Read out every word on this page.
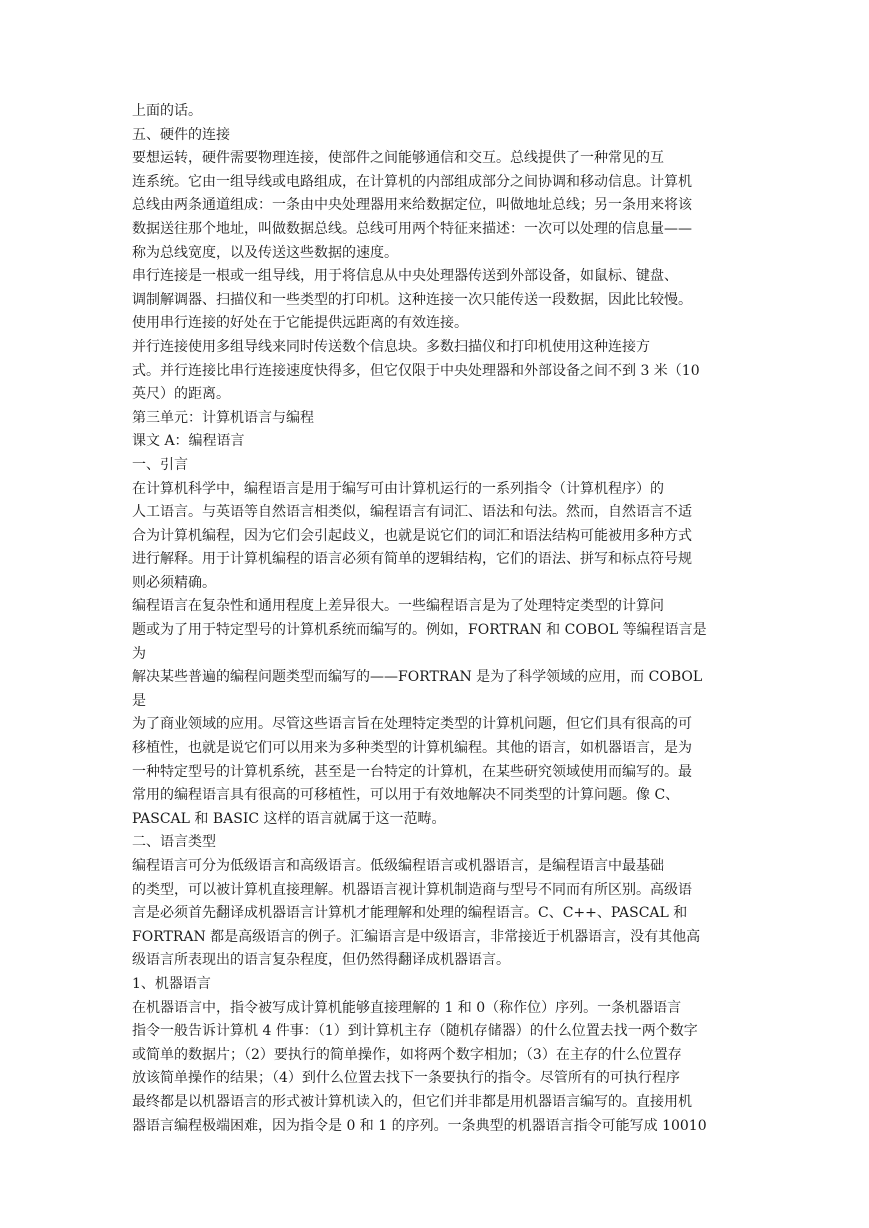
上面的话。
五、硬件的连接
要想运转，硬件需要物理连接，使部件之间能够通信和交互。总线提供了一种常见的互
连系统。它由一组导线或电路组成，在计算机的内部组成部分之间协调和移动信息。计算机
总线由两条通道组成：一条由中央处理器用来给数据定位，叫做地址总线；另一条用来将该
数据送往那个地址，叫做数据总线。总线可用两个特征来描述：一次可以处理的信息量——
称为总线宽度，以及传送这些数据的速度。
串行连接是一根或一组导线，用于将信息从中央处理器传送到外部设备，如鼠标、键盘、
调制解调器、扫描仪和一些类型的打印机。这种连接一次只能传送一段数据，因此比较慢。
使用串行连接的好处在于它能提供远距离的有效连接。
并行连接使用多组导线来同时传送数个信息块。多数扫描仪和打印机使用这种连接方
式。并行连接比串行连接速度快得多，但它仅限于中央处理器和外部设备之间不到 3 米（10
英尺）的距离。
第三单元：计算机语言与编程
课文 A：编程语言
一、引言
在计算机科学中，编程语言是用于编写可由计算机运行的一系列指令（计算机程序）的
人工语言。与英语等自然语言相类似，编程语言有词汇、语法和句法。然而，自然语言不适
合为计算机编程，因为它们会引起歧义，也就是说它们的词汇和语法结构可能被用多种方式
进行解释。用于计算机编程的语言必须有简单的逻辑结构，它们的语法、拼写和标点符号规
则必须精确。
编程语言在复杂性和通用程度上差异很大。一些编程语言是为了处理特定类型的计算问
题或为了用于特定型号的计算机系统而编写的。例如，FORTRAN 和 COBOL 等编程语言是
为
解决某些普遍的编程问题类型而编写的——FORTRAN 是为了科学领域的应用，而 COBOL
是
为了商业领域的应用。尽管这些语言旨在处理特定类型的计算机问题，但它们具有很高的可
移植性，也就是说它们可以用来为多种类型的计算机编程。其他的语言，如机器语言，是为
一种特定型号的计算机系统，甚至是一台特定的计算机，在某些研究领域使用而编写的。最
常用的编程语言具有很高的可移植性，可以用于有效地解决不同类型的计算问题。像 C、
PASCAL 和 BASIC 这样的语言就属于这一范畴。
二、语言类型
编程语言可分为低级语言和高级语言。低级编程语言或机器语言，是编程语言中最基础
的类型，可以被计算机直接理解。机器语言视计算机制造商与型号不同而有所区别。高级语
言是必须首先翻译成机器语言计算机才能理解和处理的编程语言。C、C++、PASCAL 和
FORTRAN 都是高级语言的例子。汇编语言是中级语言，非常接近于机器语言，没有其他高
级语言所表现出的语言复杂程度，但仍然得翻译成机器语言。
1、机器语言
在机器语言中，指令被写成计算机能够直接理解的 1 和 0（称作位）序列。一条机器语言
指令一般告诉计算机 4 件事：（1）到计算机主存（随机存储器）的什么位置去找一两个数字
或简单的数据片；（2）要执行的简单操作，如将两个数字相加；（3）在主存的什么位置存
放该简单操作的结果；（4）到什么位置去找下一条要执行的指令。尽管所有的可执行程序
最终都是以机器语言的形式被计算机读入的，但它们并非都是用机器语言编写的。直接用机
器语言编程极端困难，因为指令是 0 和 1 的序列。一条典型的机器语言指令可能写成 10010
